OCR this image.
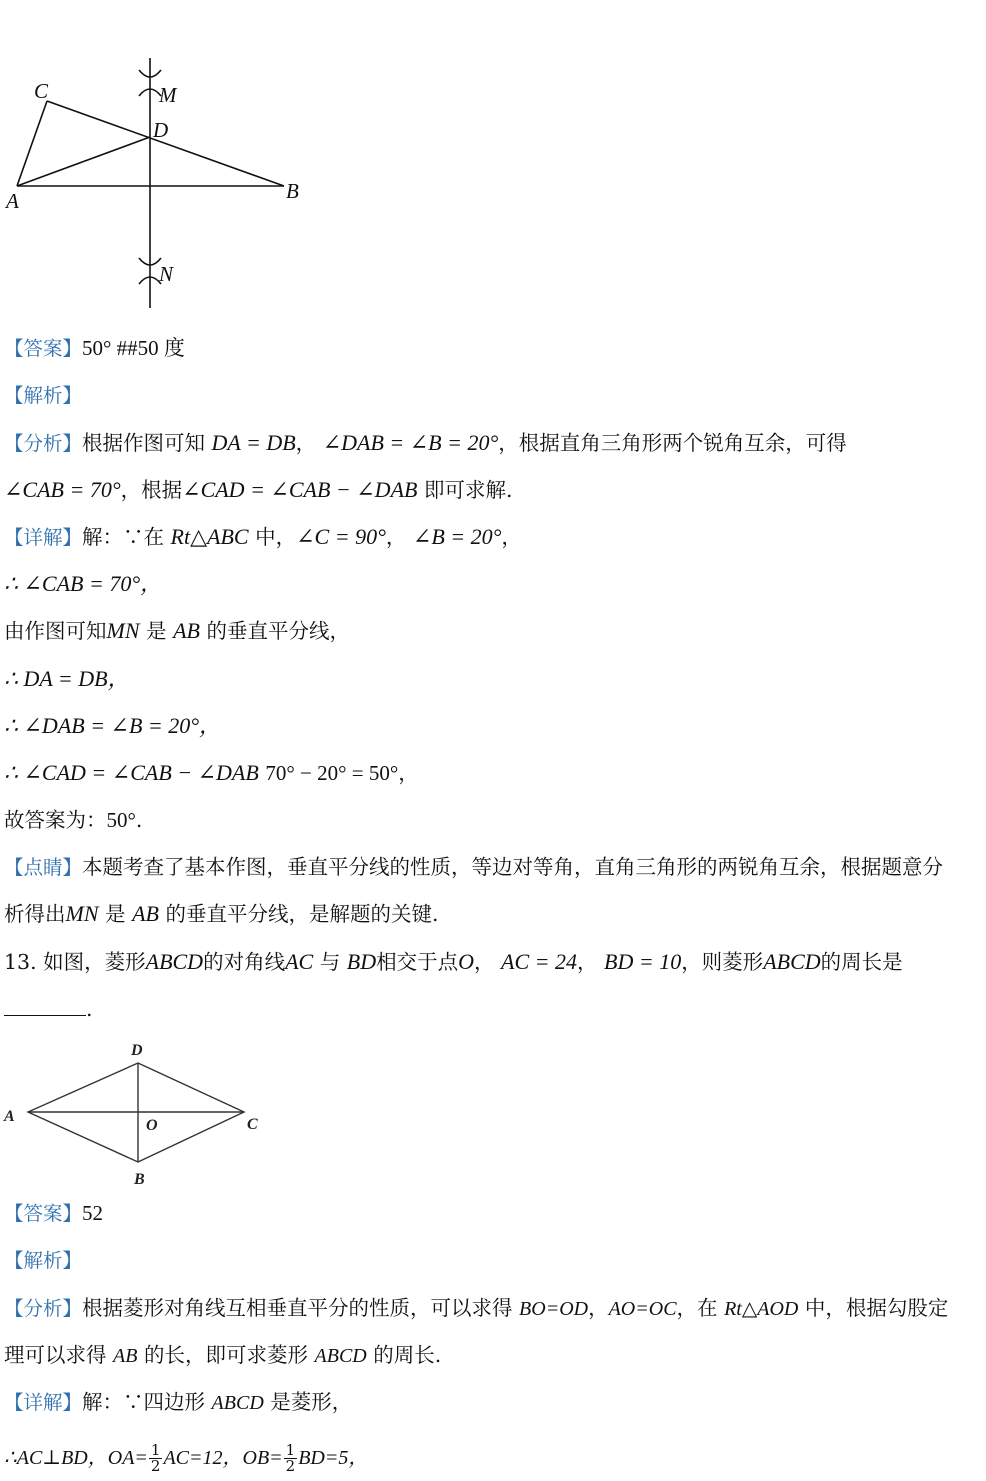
C	M
D
A	B
N
【答案】50° ##50 度
【解析】
【分析】根据作图可知 DA = DB， ∠DAB = ∠B = 20°，根据直角三角形两个锐角互余，可得
∠CAB = 70°，根据∠CAD = ∠CAB − ∠DAB 即可求解.
【详解】解：∵在 Rt△ABC 中，∠C = 90°， ∠B = 20°，
∴ ∠CAB = 70°，
由作图可知MN 是 AB 的垂直平分线，
∴ DA = DB，
∴ ∠DAB = ∠B = 20°，
∴ ∠CAD = ∠CAB − ∠DAB 70° − 20° = 50°，
故答案为：50°.
【点睛】本题考查了基本作图，垂直平分线的性质，等边对等角，直角三角形的两锐角互余，根据题意分
析得出MN 是 AB 的垂直平分线，是解题的关键.
13. 如图，菱形ABCD的对角线AC 与 BD相交于点O， AC = 24， BD = 10，则菱形ABCD的周长是
.
D
A
O	C
B
【答案】52
【解析】
【分析】根据菱形对角线互相垂直平分的性质，可以求得 BO=OD，AO=OC，在 Rt△AOD 中，根据勾股定
理可以求得 AB 的长，即可求菱形 ABCD 的周长.
【详解】解：∵四边形 ABCD 是菱形，
∴AC⊥BD，$OA= \frac{1}{2} AC=12$，$OB= \frac{1}{2} BD=5$，
